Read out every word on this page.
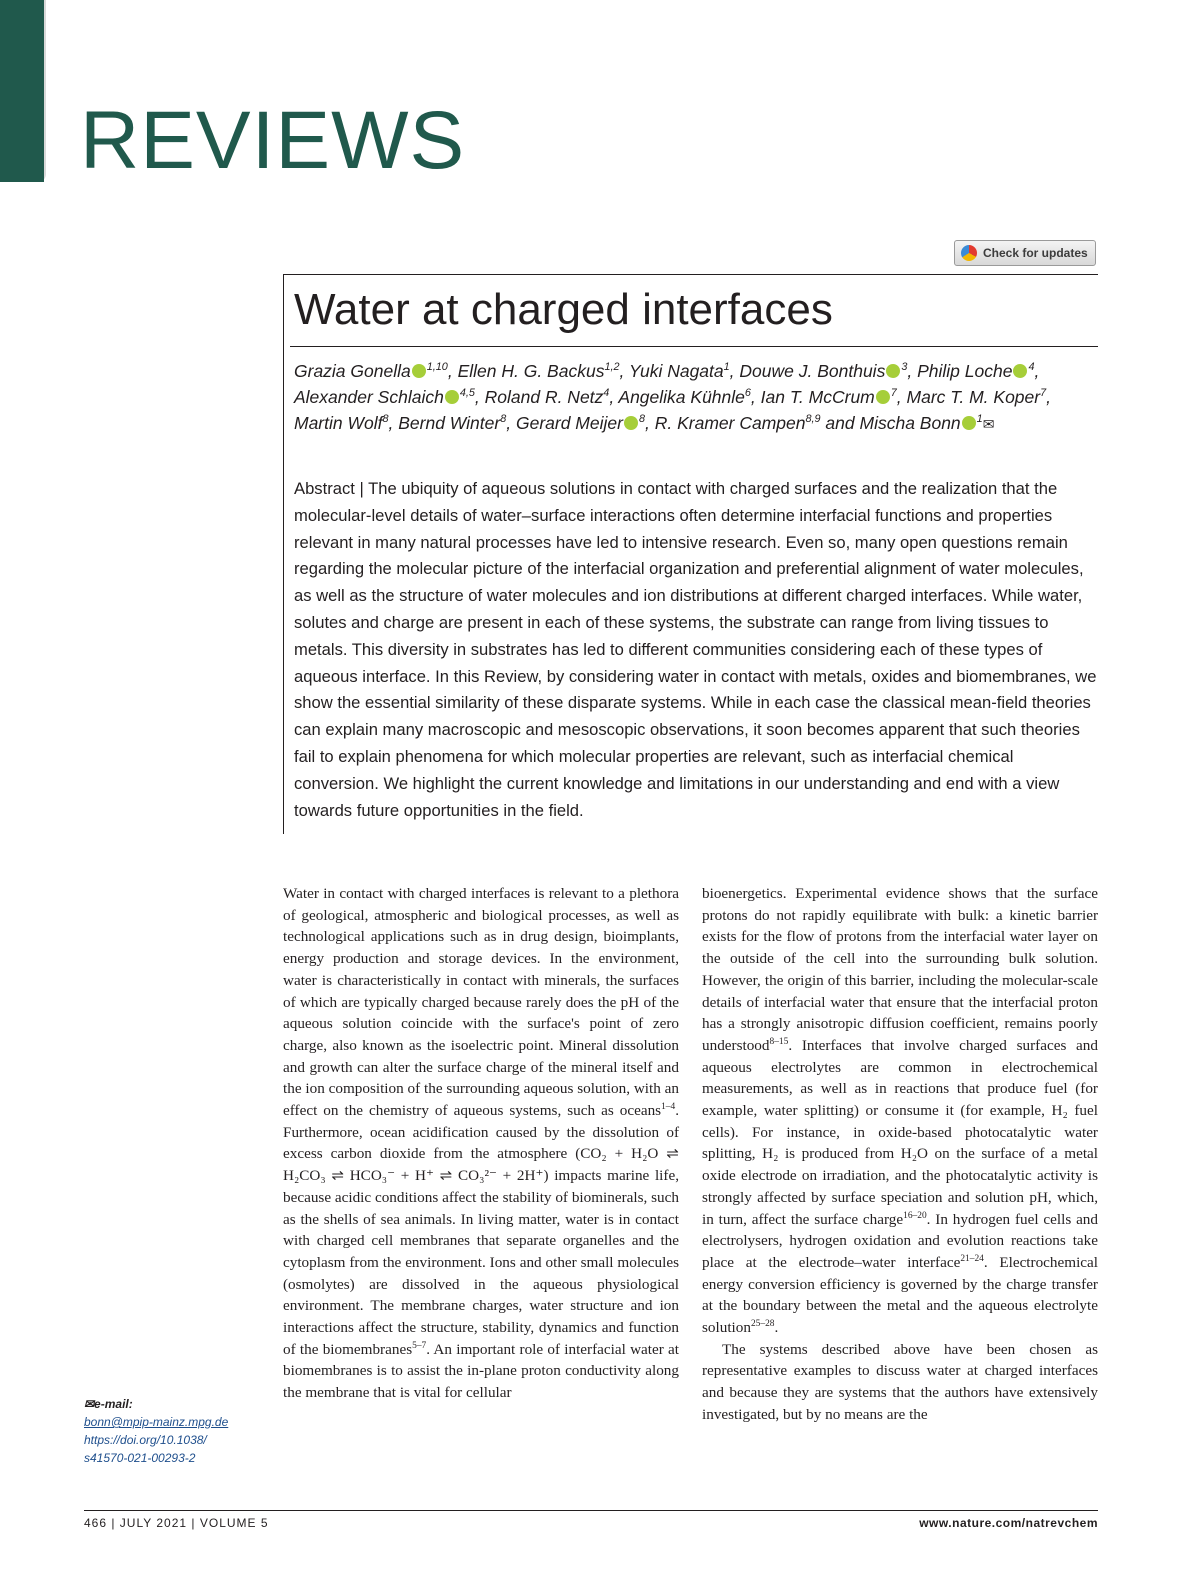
REVIEWS
Check for updates
Water at charged interfaces
Grazia Gonella $^{1,10}$, Ellen H. G. Backus$^{1,2}$, Yuki Nagata$^1$, Douwe J. Bonthuis $^3$, Philip Loche $^4$, Alexander Schlaich $^{4,5}$, Roland R. Netz$^4$, Angelika Kühnle$^6$, Ian T. McCrum $^7$, Marc T. M. Koper$^7$, Martin Wolf$^8$, Bernd Winter$^8$, Gerard Meijer $^8$, R. Kramer Campen$^{8,9}$ and Mischa Bonn $^1$✉
Abstract | The ubiquity of aqueous solutions in contact with charged surfaces and the realization that the molecular-level details of water–surface interactions often determine interfacial functions and properties relevant in many natural processes have led to intensive research. Even so, many open questions remain regarding the molecular picture of the interfacial organization and preferential alignment of water molecules, as well as the structure of water molecules and ion distributions at different charged interfaces. While water, solutes and charge are present in each of these systems, the substrate can range from living tissues to metals. This diversity in substrates has led to different communities considering each of these types of aqueous interface. In this Review, by considering water in contact with metals, oxides and biomembranes, we show the essential similarity of these disparate systems. While in each case the classical mean-field theories can explain many macroscopic and mesoscopic observations, it soon becomes apparent that such theories fail to explain phenomena for which molecular properties are relevant, such as interfacial chemical conversion. We highlight the current knowledge and limitations in our understanding and end with a view towards future opportunities in the field.

Water in contact with charged interfaces is relevant to a plethora of geological, atmospheric and biological processes, as well as technological applications such as in drug design, bioimplants, energy production and storage devices. In the environment, water is characteristically in contact with minerals, the surfaces of which are typically charged because rarely does the pH of the aqueous solution coincide with the surface's point of zero charge, also known as the isoelectric point. Mineral dissolution and growth can alter the surface charge of the mineral itself and the ion composition of the surrounding aqueous solution, with an effect on the chemistry of aqueous systems, such as oceans$^{1-4}$. Furthermore, ocean acidification caused by the dissolution of excess carbon dioxide from the atmosphere (CO₂ + H₂O ⇌ H₂CO₃ ⇌ HCO₃⁻ + H⁺ ⇌ CO₃²⁻ + 2H⁺) impacts marine life, because acidic conditions affect the stability of biominerals, such as the shells of sea animals. In living matter, water is in contact with charged cell membranes that separate organelles and the cytoplasm from the environment. Ions and other small molecules (osmolytes) are dissolved in the aqueous physiological environment. The membrane charges, water structure and ion interactions affect the structure, stability, dynamics and function of the biomembranes$^{5-7}$. An important role of interfacial water at biomembranes is to assist the in-plane proton conductivity along the membrane that is vital for cellular

bioenergetics. Experimental evidence shows that the surface protons do not rapidly equilibrate with bulk: a kinetic barrier exists for the flow of protons from the interfacial water layer on the outside of the cell into the surrounding bulk solution. However, the origin of this barrier, including the molecular-scale details of interfacial water that ensure that the interfacial proton has a strongly anisotropic diffusion coefficient, remains poorly understood$^{8-15}$. Interfaces that involve charged surfaces and aqueous electrolytes are common in electrochemical measurements, as well as in reactions that produce fuel (for example, water splitting) or consume it (for example, H₂ fuel cells). For instance, in oxide-based photocatalytic water splitting, H₂ is produced from H₂O on the surface of a metal oxide electrode on irradiation, and the photocatalytic activity is strongly affected by surface speciation and solution pH, which, in turn, affect the surface charge$^{16-20}$. In hydrogen fuel cells and electrolysers, hydrogen oxidation and evolution reactions take place at the electrode–water interface$^{21-24}$. Electrochemical energy conversion efficiency is governed by the charge transfer at the boundary between the metal and the aqueous electrolyte solution$^{25-28}$.

The systems described above have been chosen as representative examples to discuss water at charged interfaces and because they are systems that the authors have extensively investigated, but by no means are the

✉e-mail:
bonn@mpip-mainz.mpg.de
https://doi.org/10.1038/
s41570-021-00293-2
466 | JULY 2021 | VOLUME 5	www.nature.com/natrevchem
